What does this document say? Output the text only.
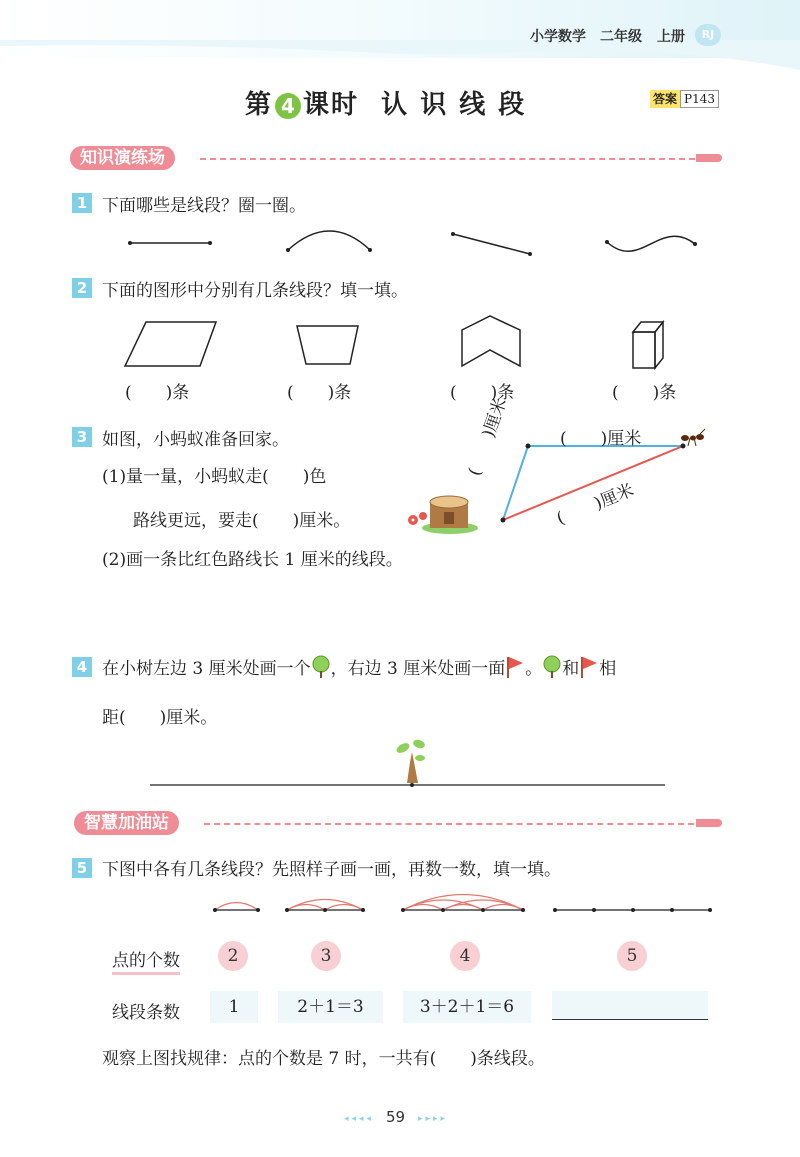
小学数学 二年级 上册	RJ
第 4 课时 认 识 线 段	答案 P143
知识演练场
1 下面哪些是线段？圈一圈。
2 下面的图形中分别有几条线段？填一填。
(　　)条	(　　)条	(　　)条	(　　)条
3 如图，小蚂蚁准备回家。
(1)量一量，小蚂蚁走(　　)色
路线更远，要走(　　)厘米。
(2)画一条比红色路线长 1 厘米的线段。
(　　)厘米
(　　)厘米
(　　)厘米
4 在小树左边 3 厘米处画一个 ，右边 3 厘米处画一面 。 和 相
距(　　)厘米。
智慧加油站
5 下图中各有几条线段？先照样子画一画，再数一数，填一填。
点的个数	2	3	4	5
线段条数	1	2＋1＝3	3＋2＋1＝6
观察上图找规律：点的个数是 7 时，一共有(　　)条线段。
◂◂◂◂ 59 ▸▸▸▸
